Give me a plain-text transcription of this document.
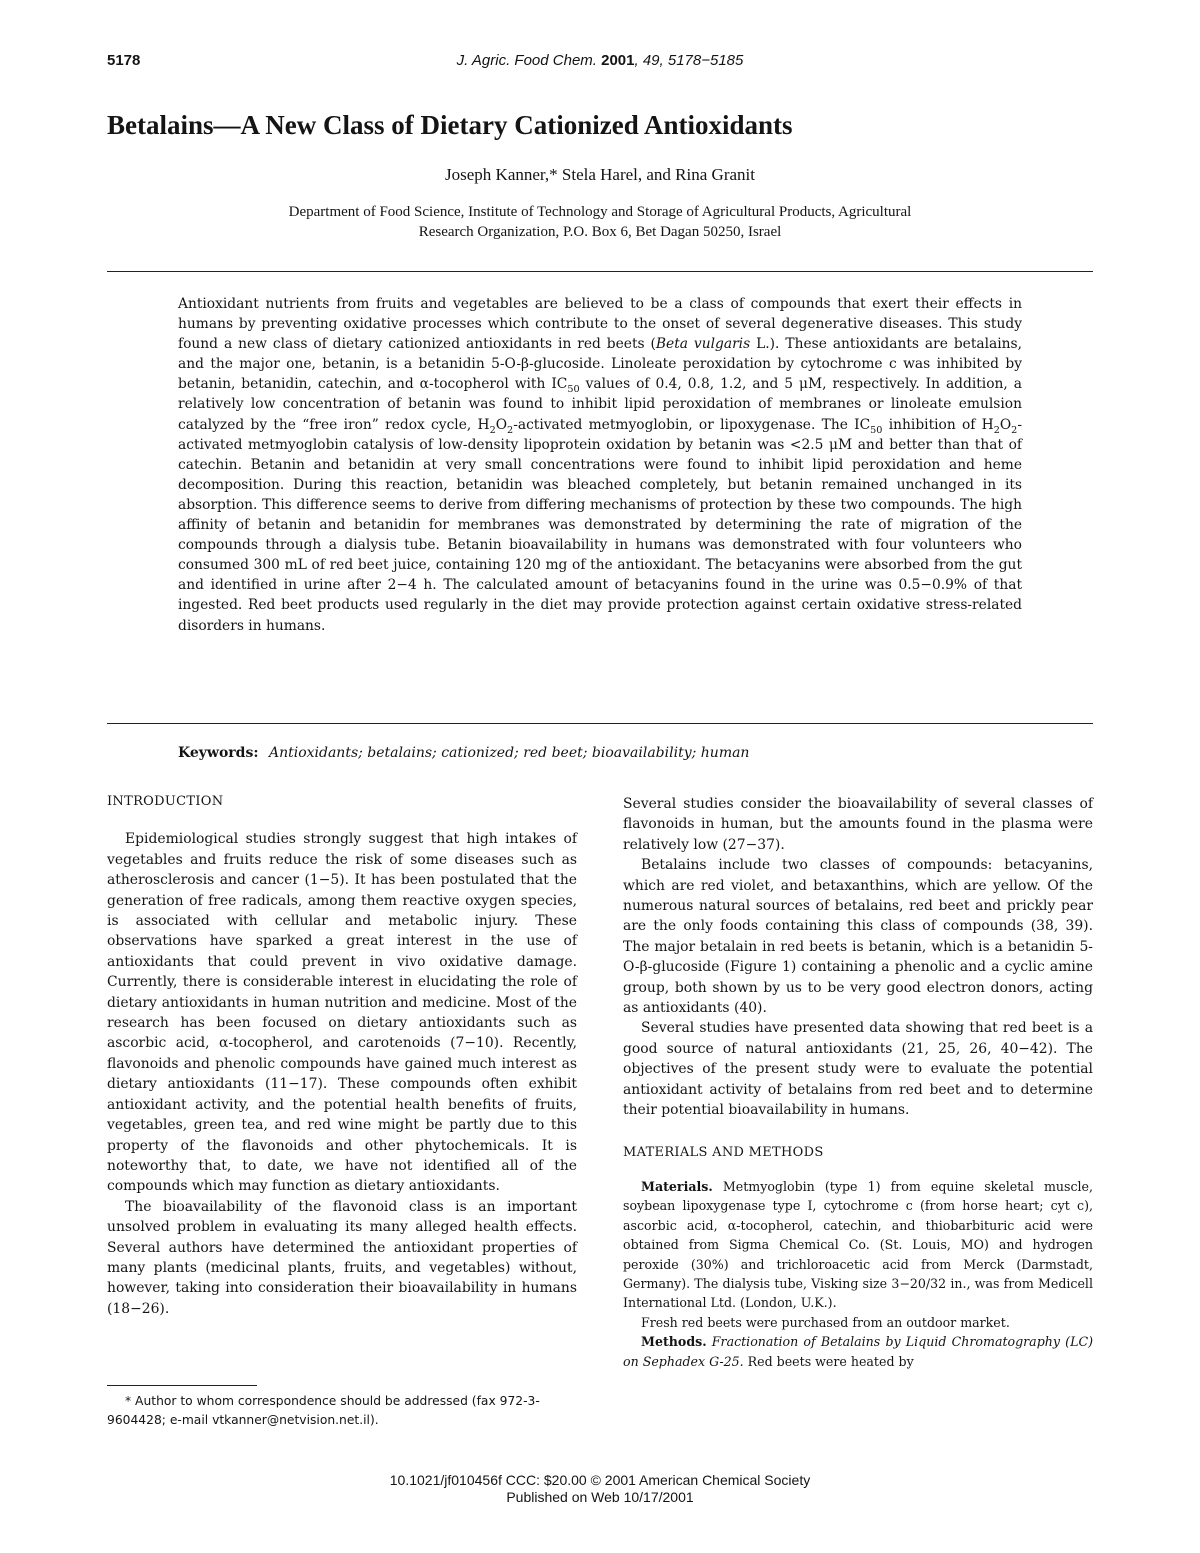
5178	J. Agric. Food Chem. 2001, 49, 5178−5185
Betalains—A New Class of Dietary Cationized Antioxidants
Joseph Kanner,* Stela Harel, and Rina Granit
Department of Food Science, Institute of Technology and Storage of Agricultural Products, Agricultural
Research Organization, P.O. Box 6, Bet Dagan 50250, Israel

Antioxidant nutrients from fruits and vegetables are believed to be a class of compounds that exert their effects in humans by preventing oxidative processes which contribute to the onset of several degenerative diseases. This study found a new class of dietary cationized antioxidants in red beets (Beta vulgaris L.). These antioxidants are betalains, and the major one, betanin, is a betanidin 5-O-β-glucoside. Linoleate peroxidation by cytochrome c was inhibited by betanin, betanidin, catechin, and α-tocopherol with $IC_{50}$ values of 0.4, 0.8, 1.2, and 5 μM, respectively. In addition, a relatively low concentration of betanin was found to inhibit lipid peroxidation of membranes or linoleate emulsion catalyzed by the “free iron” redox cycle, $H_2O_2$-activated metmyoglobin, or lipoxygenase. The $IC_{50}$ inhibition of $H_2O_2$-activated metmyoglobin catalysis of low-density lipoprotein oxidation by betanin was <2.5 μM and better than that of catechin. Betanin and betanidin at very small concentrations were found to inhibit lipid peroxidation and heme decomposition. During this reaction, betanidin was bleached completely, but betanin remained unchanged in its absorption. This difference seems to derive from differing mechanisms of protection by these two compounds. The high affinity of betanin and betanidin for membranes was demonstrated by determining the rate of migration of the compounds through a dialysis tube. Betanin bioavailability in humans was demonstrated with four volunteers who consumed 300 mL of red beet juice, containing 120 mg of the antioxidant. The betacyanins were absorbed from the gut and identified in urine after 2−4 h. The calculated amount of betacyanins found in the urine was 0.5−0.9% of that ingested. Red beet products used regularly in the diet may provide protection against certain oxidative stress-related disorders in humans.

Keywords: Antioxidants; betalains; cationized; red beet; bioavailability; human

INTRODUCTION

Epidemiological studies strongly suggest that high intakes of vegetables and fruits reduce the risk of some diseases such as atherosclerosis and cancer (1−5). It has been postulated that the generation of free radicals, among them reactive oxygen species, is associated with cellular and metabolic injury. These observations have sparked a great interest in the use of antioxidants that could prevent in vivo oxidative damage. Currently, there is considerable interest in elucidating the role of dietary antioxidants in human nutrition and medicine. Most of the research has been focused on dietary antioxidants such as ascorbic acid, α-tocopherol, and carotenoids (7−10). Recently, flavonoids and phenolic compounds have gained much interest as dietary antioxidants (11−17). These compounds often exhibit antioxidant activity, and the potential health benefits of fruits, vegetables, green tea, and red wine might be partly due to this property of the flavonoids and other phytochemicals. It is noteworthy that, to date, we have not identified all of the compounds which may function as dietary antioxidants.

The bioavailability of the flavonoid class is an important unsolved problem in evaluating its many alleged health effects. Several authors have determined the antioxidant properties of many plants (medicinal plants, fruits, and vegetables) without, however, taking into consideration their bioavailability in humans (18−26).

* Author to whom correspondence should be addressed (fax 972-3-9604428; e-mail vtkanner@netvision.net.il).

Several studies consider the bioavailability of several classes of flavonoids in human, but the amounts found in the plasma were relatively low (27−37).

Betalains include two classes of compounds: betacyanins, which are red violet, and betaxanthins, which are yellow. Of the numerous natural sources of betalains, red beet and prickly pear are the only foods containing this class of compounds (38, 39). The major betalain in red beets is betanin, which is a betanidin 5-O-β-glucoside (Figure 1) containing a phenolic and a cyclic amine group, both shown by us to be very good electron donors, acting as antioxidants (40).

Several studies have presented data showing that red beet is a good source of natural antioxidants (21, 25, 26, 40−42). The objectives of the present study were to evaluate the potential antioxidant activity of betalains from red beet and to determine their potential bioavailability in humans.

MATERIALS AND METHODS

Materials. Metmyoglobin (type 1) from equine skeletal muscle, soybean lipoxygenase type I, cytochrome c (from horse heart; cyt c), ascorbic acid, α-tocopherol, catechin, and thiobarbituric acid were obtained from Sigma Chemical Co. (St. Louis, MO) and hydrogen peroxide (30%) and trichloroacetic acid from Merck (Darmstadt, Germany). The dialysis tube, Visking size 3−20/32 in., was from Medicell International Ltd. (London, U.K.).

Fresh red beets were purchased from an outdoor market.

Methods. Fractionation of Betalains by Liquid Chromatography (LC) on Sephadex G-25. Red beets were heated by

10.1021/jf010456f CCC: $20.00 © 2001 American Chemical Society
Published on Web 10/17/2001
